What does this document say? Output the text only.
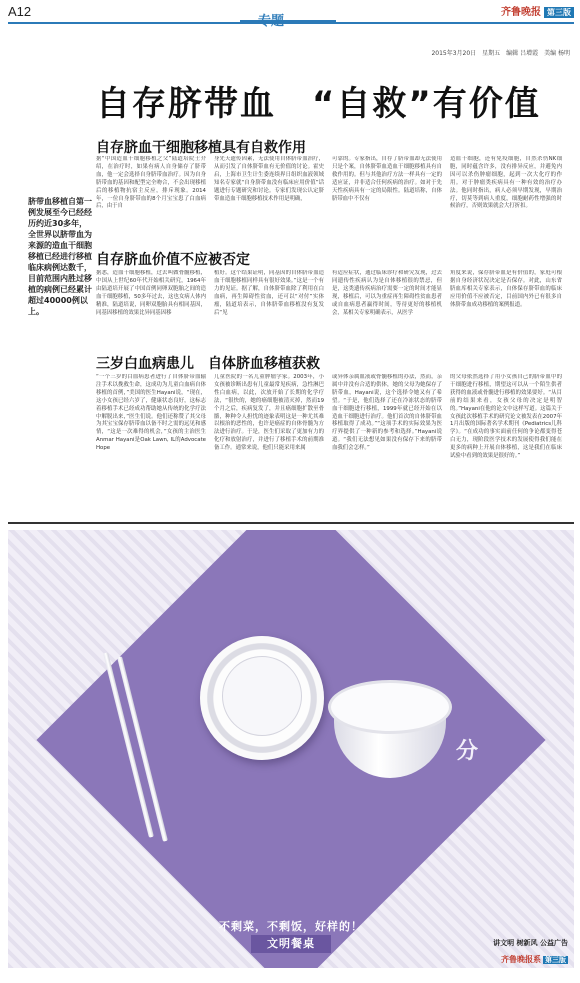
A12	齐鲁晚报 第三版
2015年3月20日　星期五　编辑 吕增霞　美编 杨明
自存脐带血　“自救”有价值
脐带血移植自第一例发展至今已经经历约近30多年，全世界以脐带血为来源的造血干细胞移植已经进行移植临床病例达数千，目前范围内胜过移植的病例已经累计超过40000例以上。
自存脐血干细胞移植具有自救作用
据“中国造血干细胞移植之父”陆道培院士介绍，在治疗时，如果有病人自身储存了脐带血，他一定会选择自身脐带血治疗。因为自身脐带血的基因和配型完全吻合，不会出现移植后的移植物抗宿主反应，排斥现象。2014年，一位自身脐带血的8个月宝宝患了白血病后，由于自
身先天遗传因素，无法使用自体脐带血治疗，从而引发了自体脐带血有无价值的讨论。霍史启，上海市卫生计生委连续界日组织血液领域知名专家就“自身脐带血没有临床应用价值”话题进行专题研究和讨论。专家们发现公认定脐带血造血干细胞移植技术作用是明确，
可靠的。专家指出，自存了脐带血却无法使用只是个案，自体脐带血造血干细胞移植具有自救作用的。但与其他治疗方法一样具有一定的适应证，并非适合任何疾病的治疗。如对于先天性疾病具有一定的局限性。陆道培称，自体脐带血中不仅有
造血干细胞，还有免疫细胞，自然杀伤NK细胞，同时蕴含许多，没有排异反应，并避免内因可以杀伤肿瘤细胞，起到一次大化疗的作用。对于肿瘤类疾病具有一种有效的治疗办法。他同时指出，病人必须早期发现，早期治疗，切莫等到病人重度，细胞耐药性增强的时候治疗，否则效果就会大打折扣。
自存脐血价值不应被否定
据悉，造血干细胞移植，过去叫做骨髓移植，中国从上世纪60年代开始相关研究，1964年由陆道培开展了中国首例同卵双胞胎之间的造血干细胞移植，50多年过去，这也女病人体内精准，陆道培说，同卵双胞胎具有相同基因，同基因移植的效果比异同基因移
植好。这个结果证明，同基因的自体脐带血造血干细胞移植同样具有很好效果。”这是一个有力的见证。据了解，自体脐带血除了利用在白血病，再生障碍性贫血，还可以“对付”实体瘤，陆道培表示，自体脐带血移植没有复发后“见
有适应症状，通过临床诊疗和研究发现，过去同遗传性疾病认为是自体移植很的禁忌，但是，这类遗传疾病治疗需要一定的时间才能显现，移植后，可以为重症再生障碍性贫血患者或自血病患者赢得时间，等待更好的移植机会，某相关专家明确表示，从医学
角度来说，保存脐带血是有价值的，家庭可根据自身经济状况决定是否保存。对此，山东省脐血库相关专家表示，自体保存脐带血的临床应用价值不应被否定，目前国内外已有很多自体脐带血成功移植的案例报道。
三岁白血病患儿　自体脐血移植获救
“一个三岁的白血病患者进行了自体脐带血输注手术以挽救生命，这成功为儿童白血病自体移植的首例，”美国的医生Hayani说，“现在，这小女孩已经六岁了，健康状态良好，这标志着移植手术已经成功帮助她从传统的化学疗法中解脱出来，”医生们说。他们还称赞了其父母为其宝宝保存脐带血以备不时之需的远见和感情，“这是一次难得的机会，”女孩的主治医生Anmar Hayani是Oak Lawn, IL的Advocate Hope
儿童医院的一名儿童肿瘤学家。2003年，小女孩被诊断出患有儿童最常见疾病，急性淋巴性白血病，以此，次放开始了长期的化学疗法，“很快的，她的癌细胞被清灭掉，然而19个月之后，疾病复发了，并且癌细胞扩散至骨骼，种种令人担忧的迹象表明这是一种尤其难以根治的恶性的，也许是癌症的自体骨髓为方法进行治疗。于是，医生们采取了更加有力的化疗和放射治疗，并进行了移植手术的前期准备工作。通常来说，他们只能采用来属
或异体亲属血液或骨髓移植的办法，然而，亲属中并没有合适的供体，她的父母为她保存了脐带血，Hayani说，这个选择令她又有了希望。“于是，他们选择了还在冷冻状态的脐带血干细胞进行移植，1999年就已经开始在以造血干细胞进行治疗。他们首次的自体脐带血移植取得了成功。”“这项手术的实际效果为医疗界提供了一种新的参考和选择。”Hayani说道。“我们无法想见如果没有保存下来的脐带血我们会怎样。”
的父母依然选择了用小女孩自己的脐带血中的干细胞进行移植，期望这可以从一个陌生供者获得的血液或骨髓进行移植的效果要好。“从目前的结果来看，女孩父母的决定是明智的。”Hayani在他的论文中这样写道。这篇关于女孩此次移植手术的研究论文被发表在2007年1月出版的国际著名学术期刊《Pediatrics儿科学》。“在成功的事实面前任何的争论都变得苍白无力，现阶段医学技术的发展使得我们能在更多的病种上开展自体移植，这是我们在临床试验中看到的效果是很好的。”
分
不剩菜，不剩饭，好样的！
文明餐桌	讲文明 树新风 公益广告
齐鲁晚报系 第三版
